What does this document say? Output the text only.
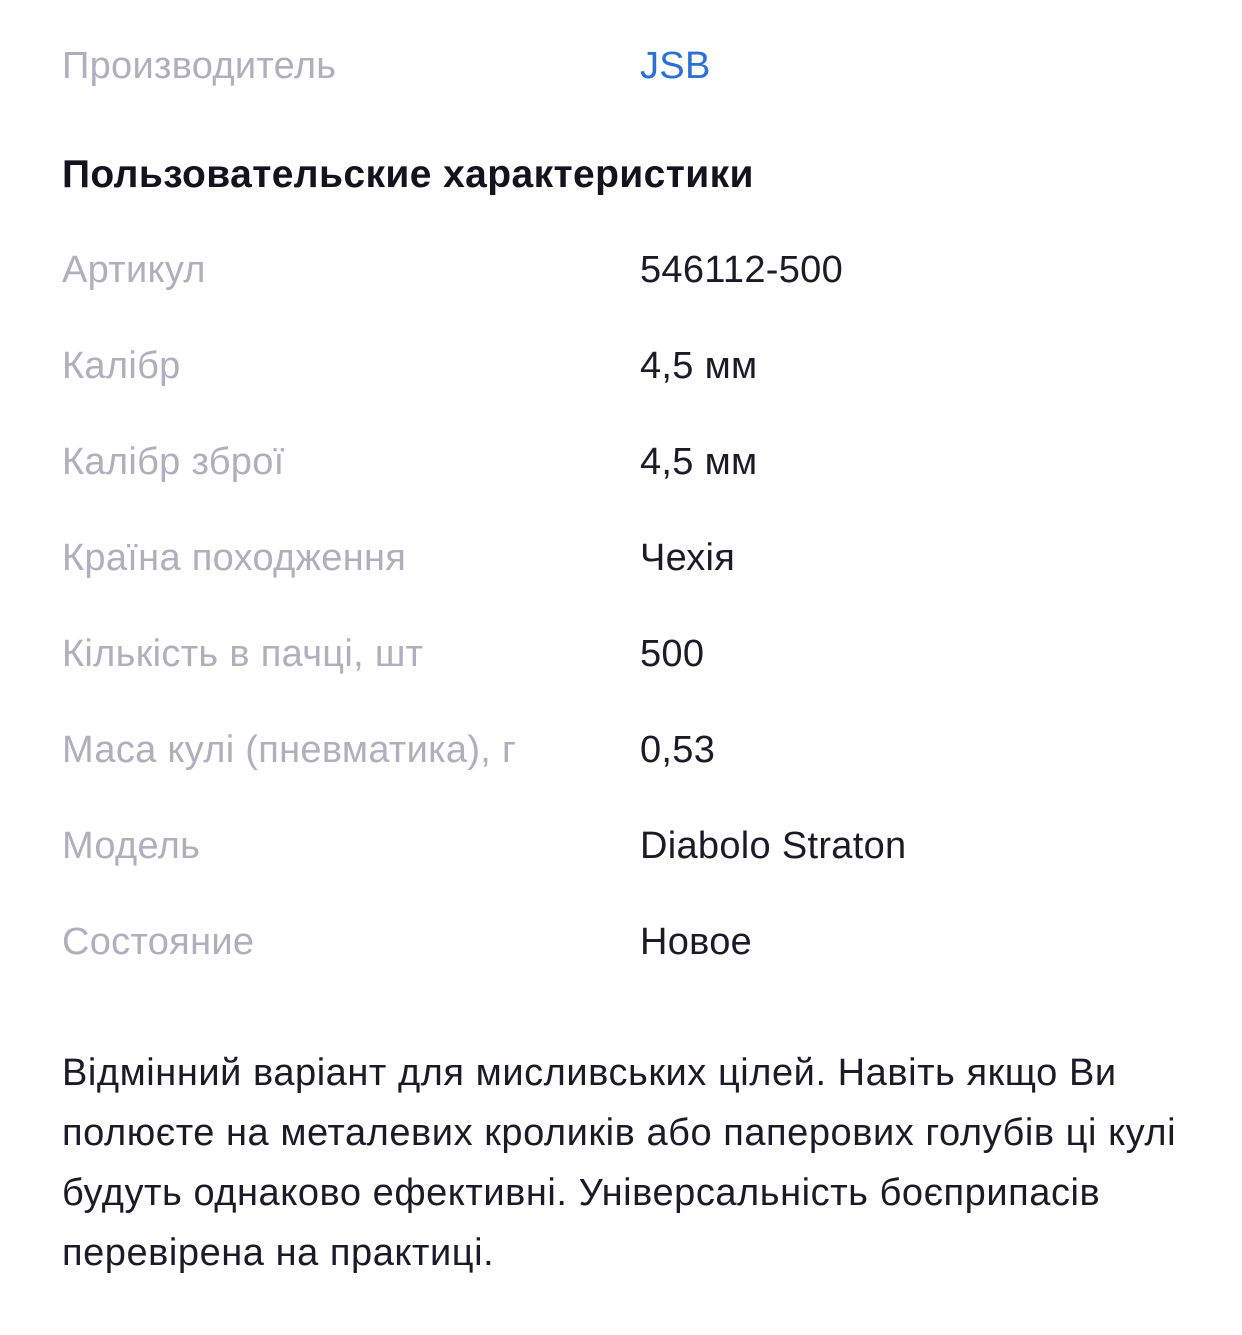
Производитель	JSB
Пользовательские характеристики
Артикул	546112-500
Калібр	4,5 мм
Калібр зброї	4,5 мм
Країна походження	Чехія
Кількість в пачці, шт	500
Маса кулі (пневматика), г	0,53
Модель	Diabolo Straton
Состояние	Новое

Відмінний варіант для мисливських цілей. Навіть якщо Ви полюєте на металевих кроликів або паперових голубів ці кулі будуть однаково ефективні. Універсальність боєприпасів перевірена на практиці.
